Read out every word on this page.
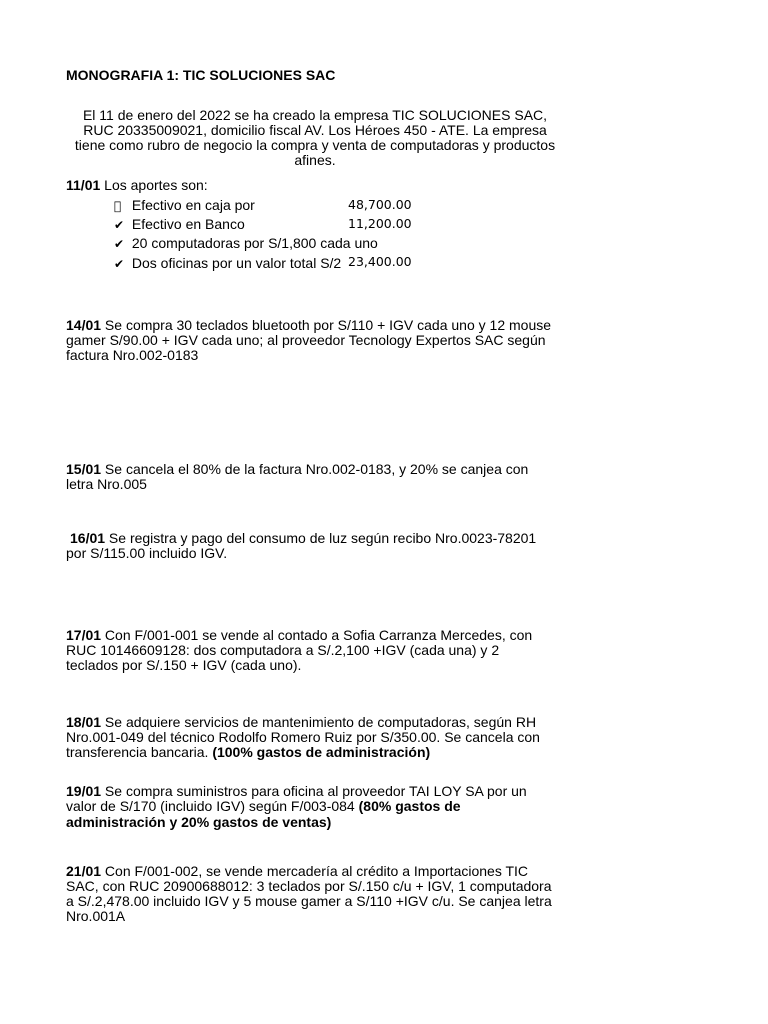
MONOGRAFIA 1: TIC SOLUCIONES SAC
El 11 de enero del 2022 se ha creado la empresa TIC SOLUCIONES SAC,
RUC 20335009021, domicilio fiscal AV. Los Héroes 450 - ATE. La empresa
tiene como rubro de negocio la compra y venta de computadoras y productos
afines.
11/01 Los aportes son:
Efectivo en caja por	48,700.00
✔ Efectivo en Banco	11,200.00
✔ 20 computadoras por S/1,800 cada uno
✔ Dos oficinas por un valor total S/2 23,400.00
14/01 Se compra 30 teclados bluetooth por S/110 + IGV cada uno y 12 mouse
gamer S/90.00 + IGV cada uno; al proveedor Tecnology Expertos SAC según
factura Nro.002-0183
15/01 Se cancela el 80% de la factura Nro.002-0183, y 20% se canjea con
letra Nro.005
16/01 Se registra y pago del consumo de luz según recibo Nro.0023-78201
por S/115.00 incluido IGV.
17/01 Con F/001-001 se vende al contado a Sofia Carranza Mercedes, con
RUC 10146609128: dos computadora a S/.2,100 +IGV (cada una) y 2
teclados por S/.150 + IGV (cada uno).
18/01 Se adquiere servicios de mantenimiento de computadoras, según RH
Nro.001-049 del técnico Rodolfo Romero Ruiz por S/350.00. Se cancela con
transferencia bancaria. (100% gastos de administración)
19/01 Se compra suministros para oficina al proveedor TAI LOY SA por un
valor de S/170 (incluido IGV) según F/003-084 (80% gastos de
administración y 20% gastos de ventas)
21/01 Con F/001-002, se vende mercadería al crédito a Importaciones TIC
SAC, con RUC 20900688012: 3 teclados por S/.150 c/u + IGV, 1 computadora
a S/.2,478.00 incluido IGV y 5 mouse gamer a S/110 +IGV c/u. Se canjea letra
Nro.001A
